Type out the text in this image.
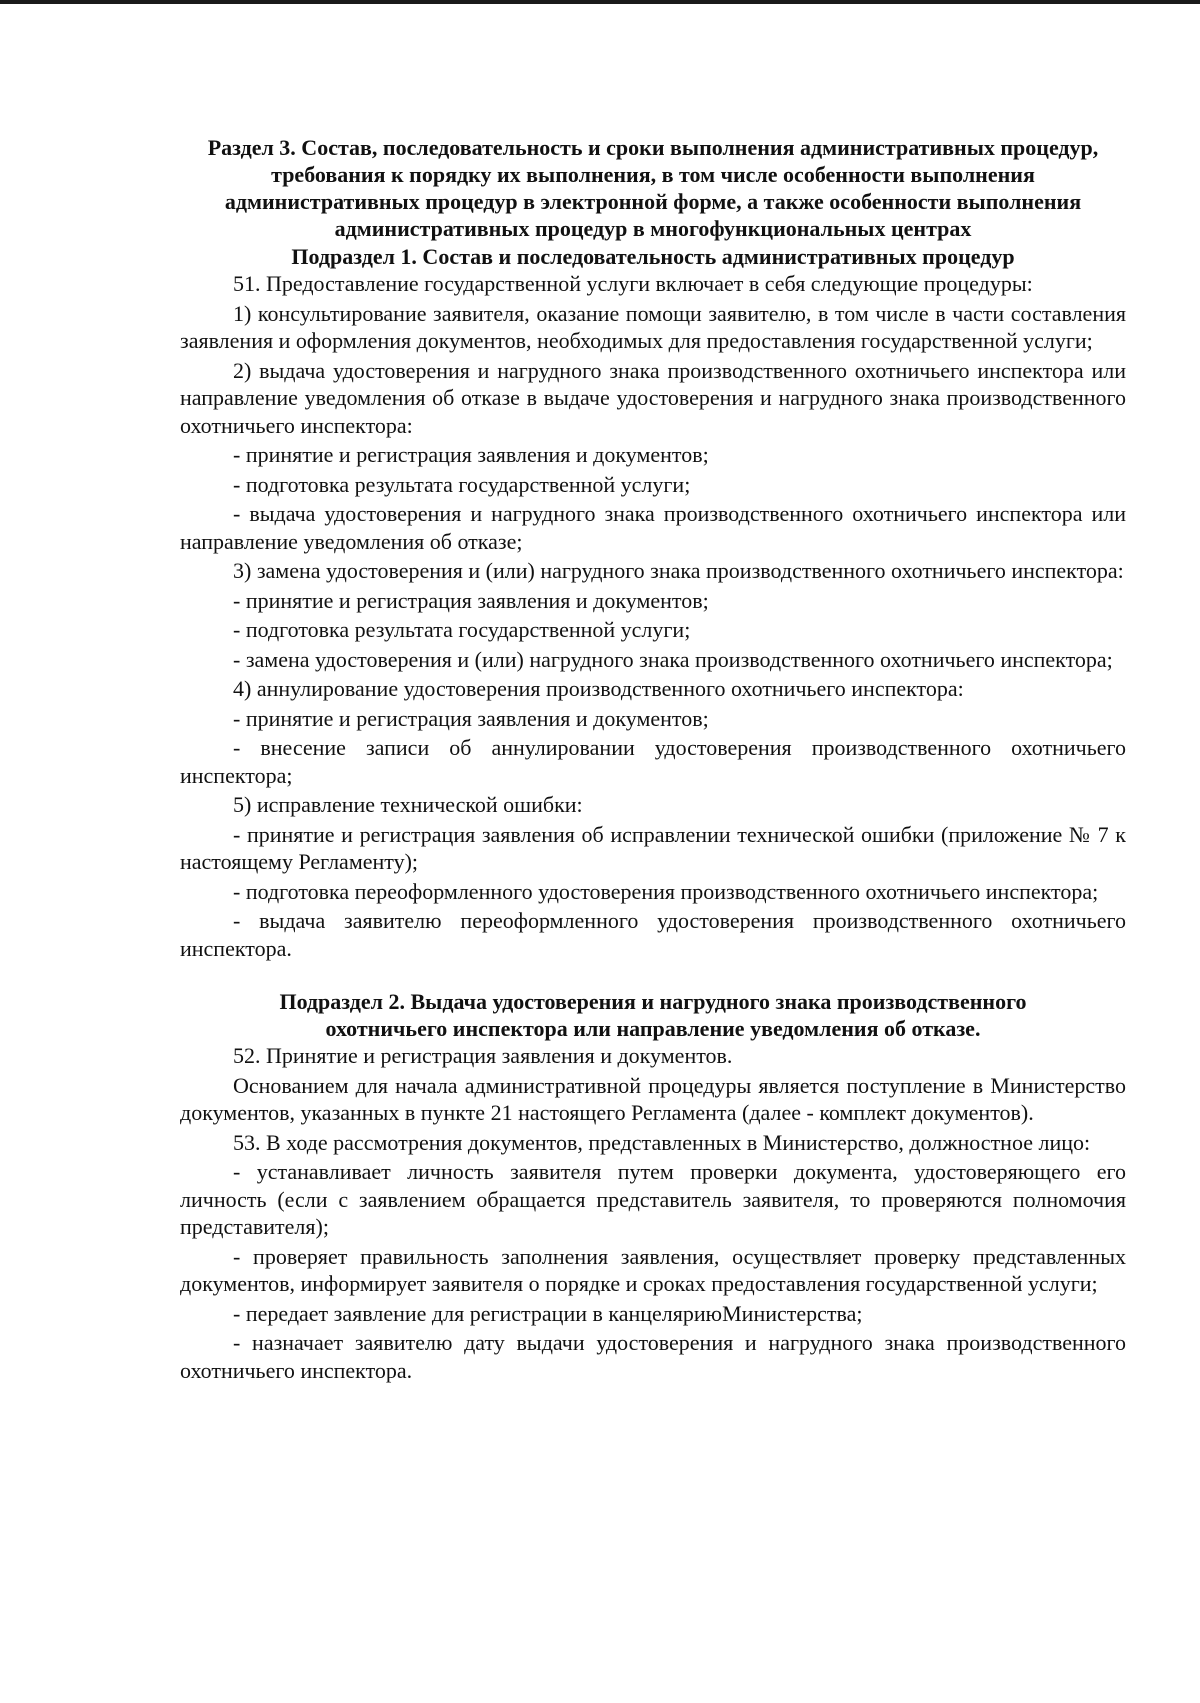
Раздел 3. Состав, последовательность и сроки выполнения административных процедур, требования к порядку их выполнения, в том числе особенности выполнения административных процедур в электронной форме, а также особенности выполнения административных процедур в многофункциональных центрах
Подраздел 1. Состав и последовательность административных процедур

51. Предоставление государственной услуги включает в себя следующие процедуры:

1) консультирование заявителя, оказание помощи заявителю, в том числе в части составления заявления и оформления документов, необходимых для предоставления государственной услуги;

2) выдача удостоверения и нагрудного знака производственного охотничьего инспектора или направление уведомления об отказе в выдаче удостоверения и нагрудного знака производственного охотничьего инспектора:

- принятие и регистрация заявления и документов;

- подготовка результата государственной услуги;

- выдача удостоверения и нагрудного знака производственного охотничьего инспектора или направление уведомления об отказе;

3) замена удостоверения и (или) нагрудного знака производственного охотничьего инспектора:

- принятие и регистрация заявления и документов;

- подготовка результата государственной услуги;

- замена удостоверения и (или) нагрудного знака производственного охотничьего инспектора;

4) аннулирование удостоверения производственного охотничьего инспектора:

- принятие и регистрация заявления и документов;

- внесение записи об аннулировании удостоверения производственного охотничьего инспектора;

5) исправление технической ошибки:

- принятие и регистрация заявления об исправлении технической ошибки (приложение № 7 к настоящему Регламенту);

- подготовка переоформленного удостоверения производственного охотничьего инспектора;

- выдача заявителю переоформленного удостоверения производственного охотничьего инспектора.

Подраздел 2. Выдача удостоверения и нагрудного знака производственного охотничьего инспектора или направление уведомления об отказе.

52. Принятие и регистрация заявления и документов.

Основанием для начала административной процедуры является поступление в Министерство документов, указанных в пункте 21 настоящего Регламента (далее - комплект документов).

53. В ходе рассмотрения документов, представленных в Министерство, должностное лицо:

- устанавливает личность заявителя путем проверки документа, удостоверяющего его личность (если с заявлением обращается представитель заявителя, то проверяются полномочия представителя);

- проверяет правильность заполнения заявления, осуществляет проверку представленных документов, информирует заявителя о порядке и сроках предоставления государственной услуги;

- передает заявление для регистрации в канцеляриюМинистерства;

- назначает заявителю дату выдачи удостоверения и нагрудного знака производственного охотничьего инспектора.
